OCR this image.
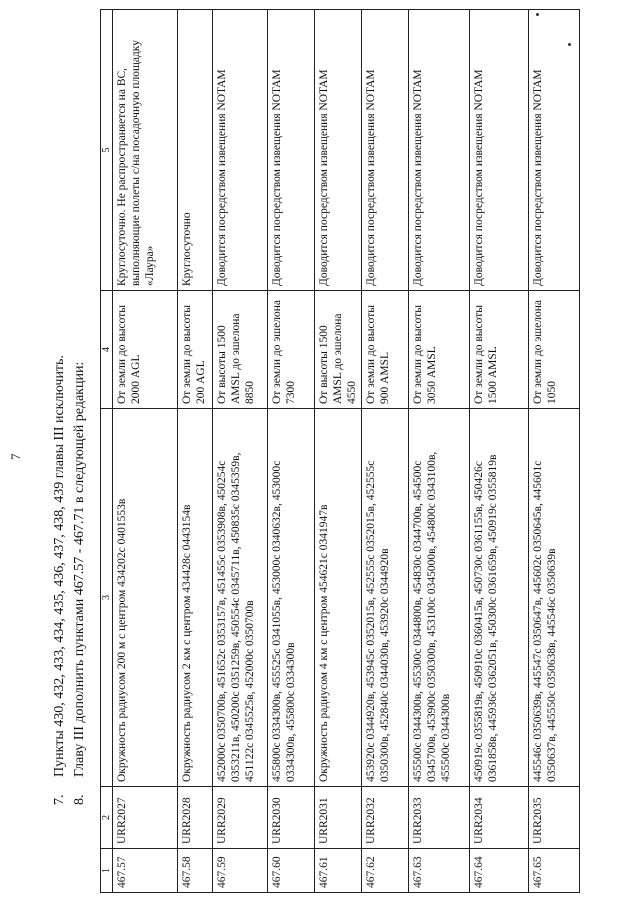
7
7.Пункты 430, 432, 433, 434, 435, 436, 437, 438, 439 главы III исключить.
8.Главу III дополнить пунктами 467.57 - 467.71 в следующей редакции:
1	2	3	4	5
467.57	URR2027	Окружность радиусом 200 м с центром 434202с 0401553в	От земли до высоты 2000 AGL	Круглосуточно. Не распространяется на ВС, выполняющие полеты с/на посадочную площадку «Лаура»
467.58	URR2028	Окружность радиусом 2 км с центром 434428с 0443154в	От земли до высоты 200 AGL	Круглосуточно
467.59	URR2029	452000с 0350700в, 451652с 0353157в, 451455с 0353908в, 450254с 0353211в, 450200с 0351259в, 450554с 0345711в, 450835с 0345359в, 451122с 0345525в, 452000с 0350700в	От высоты 1500 AMSL до эшелона 8850	Доводится посредством извещения NOTAM
467.60	URR2030	455800с 0334300в, 455525с 0341055в, 453000с 0340632в, 453000с 0334300в, 455800с 0334300в	От земли до эшелона 7300	Доводится посредством извещения NOTAM
467.61	URR2031	Окружность радиусом 4 км с центром 454621с 0341947в	От высоты 1500 AMSL до эшелона 4550	Доводится посредством извещения NOTAM
467.62	URR2032	453920с 0344920в, 453945с 0352015в, 452555с 0352015в, 452555с 0350300в, 452840с 0344030в, 453920с 0344920в	От земли до высоты 900 AMSL	Доводится посредством извещения NOTAM
467.63	URR2033	455500с 0344300в, 455300с 0344800в, 454830с 0344700в, 454500с 0345700в, 453900с 0350300в, 453100с 0345000в, 454800с 0343100в, 455500с 0344300в	От земли до высоты 3050 AMSL	Доводится посредством извещения NOTAM
467.64	URR2034	450919с 0355819в, 450910с 0360415в, 450730с 0361155в, 450426с 0361858в, 445936с 0362051в, 450300с 0361659в, 450919с 0355819в	От земли до высоты 1500 AMSL	Доводится посредством извещения NOTAM
467.65	URR2035	445546с 0350639в, 445547с 0350647в, 445602с 0350645в, 445601с 0350637в, 445550с 0350638в, 445546с 0350639в	От земли до эшелона 1050	Доводится посредством извещения NOTAM
